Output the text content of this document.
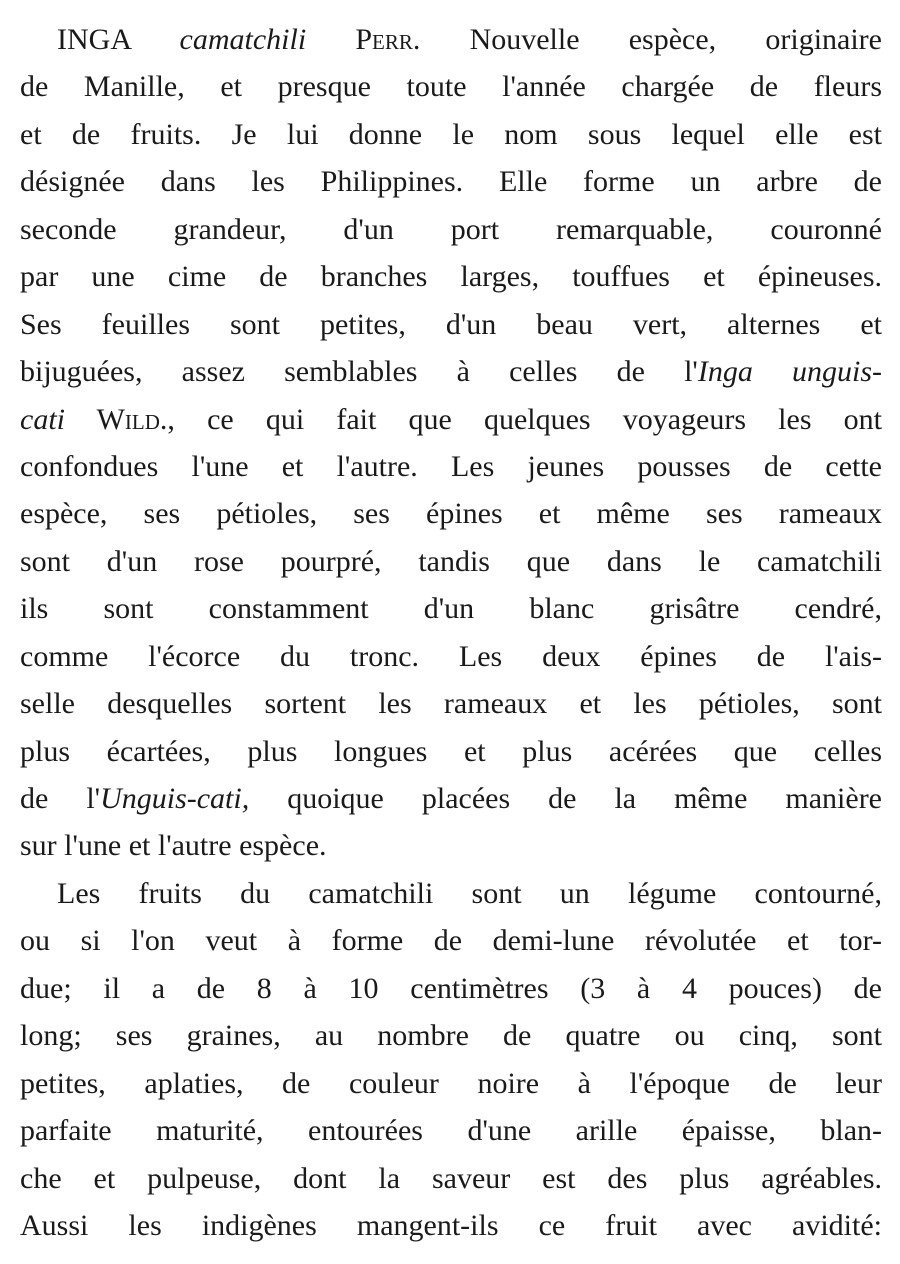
INGA camatchili Perr. Nouvelle espèce, originaire
de Manille, et presque toute l'année chargée de fleurs
et de fruits. Je lui donne le nom sous lequel elle est
désignée dans les Philippines. Elle forme un arbre de
seconde grandeur, d'un port remarquable, couronné
par une cime de branches larges, touffues et épineuses.
Ses feuilles sont petites, d'un beau vert, alternes et
bijuguées, assez semblables à celles de l'Inga unguis-
cati Wild., ce qui fait que quelques voyageurs les ont
confondues l'une et l'autre. Les jeunes pousses de cette
espèce, ses pétioles, ses épines et même ses rameaux
sont d'un rose pourpré, tandis que dans le camatchili
ils sont constamment d'un blanc grisâtre cendré,
comme l'écorce du tronc. Les deux épines de l'ais-
selle desquelles sortent les rameaux et les pétioles, sont
plus écartées, plus longues et plus acérées que celles
de l'Unguis-cati, quoique placées de la même manière
sur l'une et l'autre espèce.
Les fruits du camatchili sont un légume contourné,
ou si l'on veut à forme de demi-lune révolutée et tor-
due; il a de 8 à 10 centimètres (3 à 4 pouces) de
long; ses graines, au nombre de quatre ou cinq, sont
petites, aplaties, de couleur noire à l'époque de leur
parfaite maturité, entourées d'une arille épaisse, blan-
che et pulpeuse, dont la saveur est des plus agréables.
Aussi les indigènes mangent-ils ce fruit avec avidité:
